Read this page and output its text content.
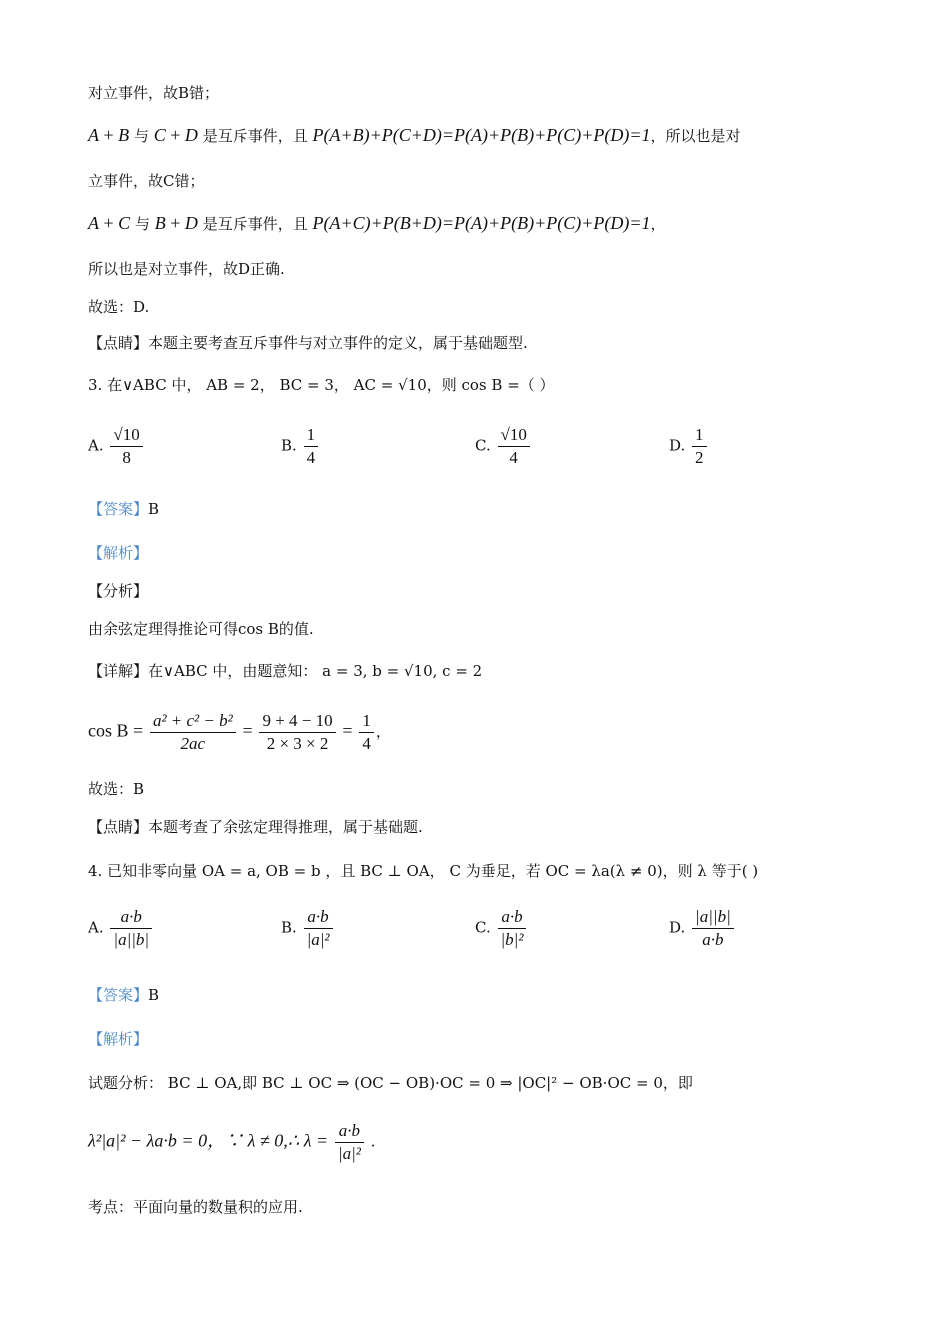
对立事件，故B错；
A + B 与 C + D 是互斥事件，且 P(A+B)+P(C+D)=P(A)+P(B)+P(C)+P(D)=1，所以也是对
立事件，故C错；
A + C 与 B + D 是互斥事件，且 P(A+C)+P(B+D)=P(A)+P(B)+P(C)+P(D)=1，
所以也是对立事件，故D正确.
故选：D.
【点睛】本题主要考查互斥事件与对立事件的定义，属于基础题型.
3. 在∨ABC 中， AB = 2， BC = 3， AC = √10，则 cos B =（ ）
A. $\frac{√10}{8}$	B. $\frac{1}{4}$	C. $\frac{√10}{4}$	D. $\frac{1}{2}$
【答案】B
【解析】
【分析】
由余弦定理得推论可得cos B的值.
【详解】在∨ABC 中，由题意知： a = 3, b = √10, c = 2
$\cos B = \frac{\text{a² + c² − b²}}{2ac} = \frac{9 + 4 - 10}{2 \times 3 \times 2} = \frac{1}{4}$ ，
故选：B
【点睛】本题考查了余弦定理得推理，属于基础题.
4. 已知非零向量 OA = a, OB = b ，且 BC ⊥ OA， C 为垂足，若 OC = λa(λ ≠ 0)，则 λ 等于( )
A. $\frac{a\cdot b}{|a||b|}$	B. $\frac{a\cdot b}{\text{|a|²}}$	C. $\frac{a\cdot b}{\text{|b|²}}$	D. $\frac{|a||b|}{a\cdot b}$
【答案】B
【解析】
试题分析： BC ⊥ OA,即 BC ⊥ OC ⇒ (OC − OB)·OC = 0 ⇒ |OC|² − OB·OC = 0，即
λ²|a|² − λa·b = 0，∵ λ ≠ 0,∴ $\lambda = \frac{a\cdot b}{\text{|a|²}}$ .
考点：平面向量的数量积的应用.
